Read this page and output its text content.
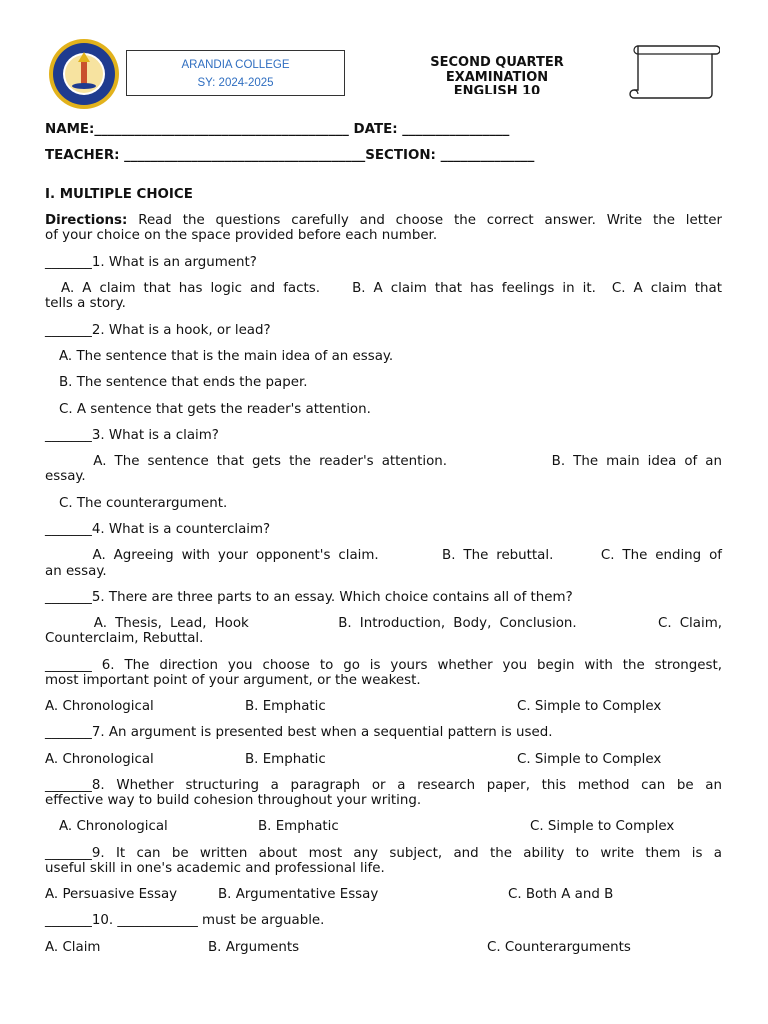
ARANDIA COLLEGE
SY: 2024-2025
SECOND QUARTER
EXAMINATION
ENGLISH 10
NAME:______________________________________ DATE: ________________
TEACHER: ____________________________________SECTION: ______________
I. MULTIPLE CHOICE
Directions: Read the questions carefully and choose the correct answer. Write the letter
of your choice on the space provided before each number.
_______1. What is an argument?
A. A claim that has logic and facts.    B. A claim that has feelings in it.  C. A claim that
tells a story.
_______2. What is a hook, or lead?
A. The sentence that is the main idea of an essay.
B. The sentence that ends the paper.
C. A sentence that gets the reader's attention.
_______3. What is a claim?
A. The sentence that gets the reader's attention.             B. The main idea of an
essay.
C. The counterargument.
_______4. What is a counterclaim?
A. Agreeing with your opponent's claim.        B. The rebuttal.      C. The ending of
an essay.
_______5. There are three parts to an essay. Which choice contains all of them?
A. Thesis, Lead, Hook           B. Introduction, Body, Conclusion.          C. Claim,
Counterclaim, Rebuttal.
_______ 6. The direction you choose to go is yours whether you begin with the strongest,
most important point of your argument, or the weakest.
A. Chronological	B. Emphatic	C. Simple to Complex
_______7. An argument is presented best when a sequential pattern is used.
A. Chronological	B. Emphatic	C. Simple to Complex
_______8. Whether structuring a paragraph or a research paper, this method can be an
effective way to build cohesion throughout your writing.
A. Chronological	B. Emphatic	C. Simple to Complex
_______9. It can be written about most any subject, and the ability to write them is a
useful skill in one's academic and professional life.
A. Persuasive Essay	B. Argumentative Essay	C. Both A and B
_______10. ____________ must be arguable.
A. Claim	B. Arguments	C. Counterarguments
